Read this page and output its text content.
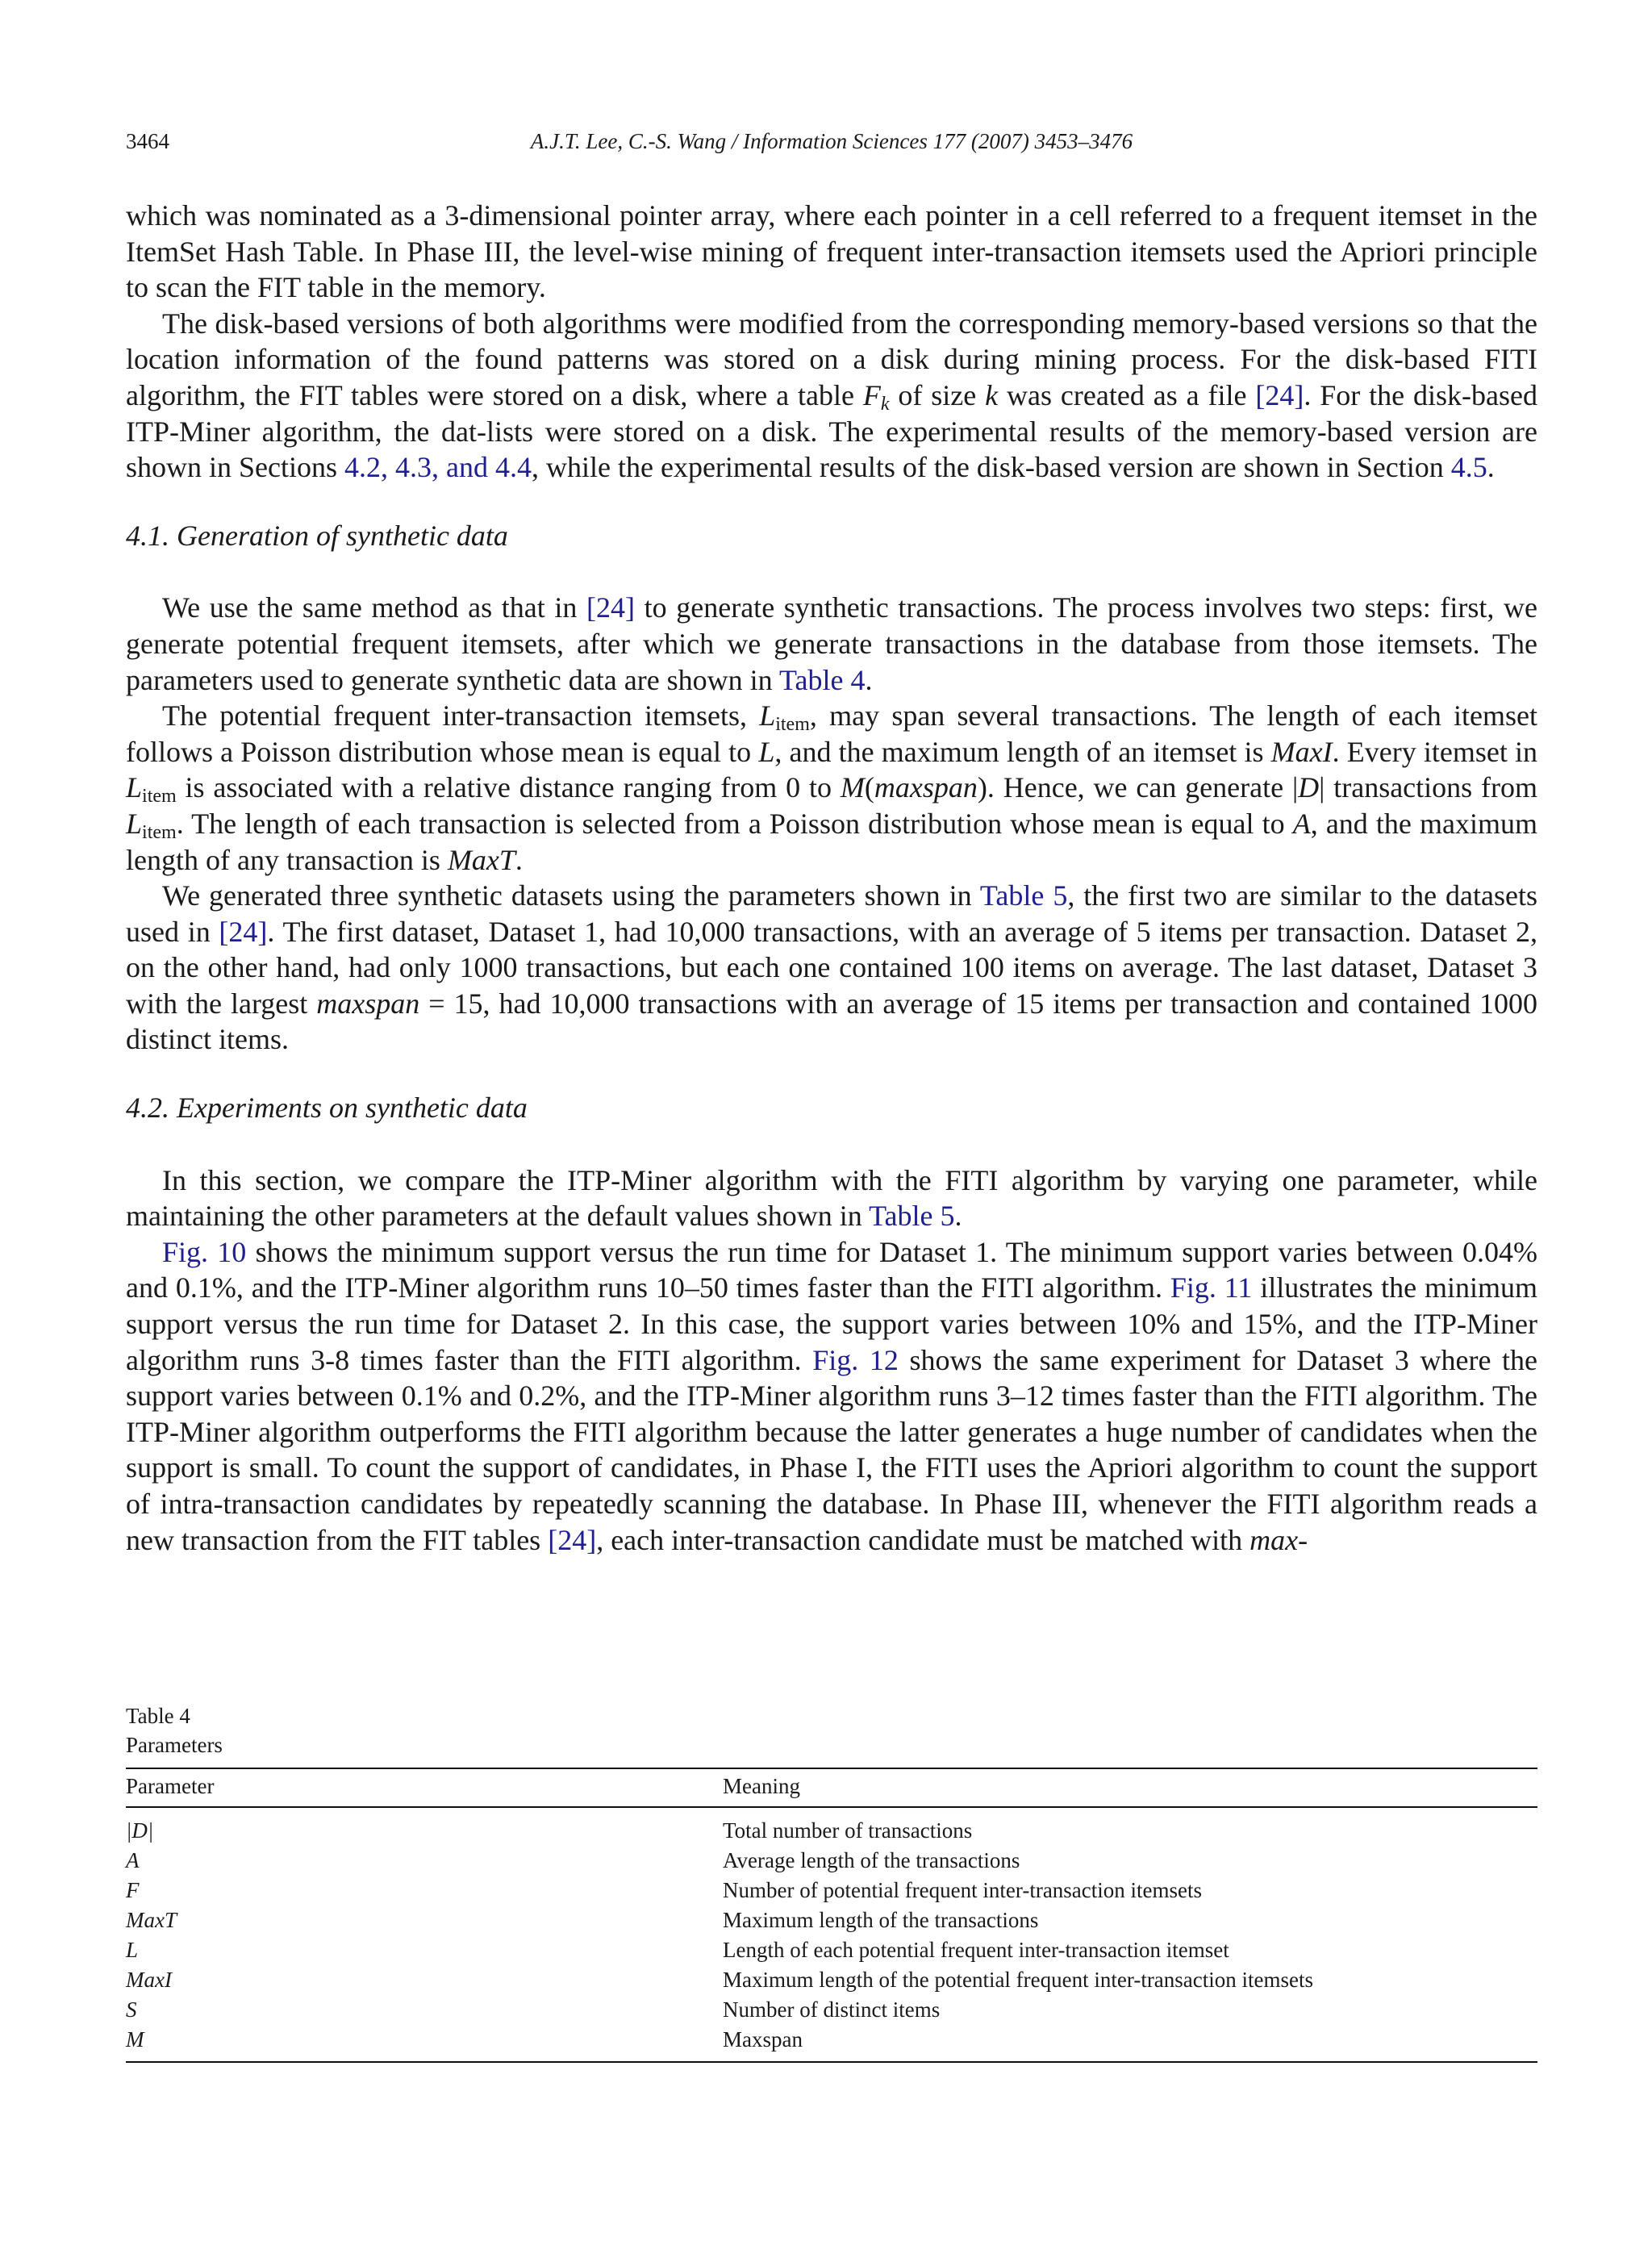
3464	A.J.T. Lee, C.-S. Wang / Information Sciences 177 (2007) 3453–3476

which was nominated as a 3-dimensional pointer array, where each pointer in a cell referred to a frequent itemset in the ItemSet Hash Table. In Phase III, the level-wise mining of frequent inter-transaction itemsets used the Apriori principle to scan the FIT table in the memory.

The disk-based versions of both algorithms were modified from the corresponding memory-based versions so that the location information of the found patterns was stored on a disk during mining process. For the disk-based FITI algorithm, the FIT tables were stored on a disk, where a table $F_k$ of size k was created as a file [24]. For the disk-based ITP-Miner algorithm, the dat-lists were stored on a disk. The experimental results of the memory-based version are shown in Sections 4.2, 4.3, and 4.4, while the experimental results of the disk-based version are shown in Section 4.5.

4.1. Generation of synthetic data

We use the same method as that in [24] to generate synthetic transactions. The process involves two steps: first, we generate potential frequent itemsets, after which we generate transactions in the database from those itemsets. The parameters used to generate synthetic data are shown in Table 4.

The potential frequent inter-transaction itemsets, $L_{item}$, may span several transactions. The length of each itemset follows a Poisson distribution whose mean is equal to L, and the maximum length of an itemset is MaxI. Every itemset in $L_{item}$ is associated with a relative distance ranging from 0 to M(maxspan). Hence, we can generate |D| transactions from $L_{item}$. The length of each transaction is selected from a Poisson distribution whose mean is equal to A, and the maximum length of any transaction is MaxT.

We generated three synthetic datasets using the parameters shown in Table 5, the first two are similar to the datasets used in [24]. The first dataset, Dataset 1, had 10,000 transactions, with an average of 5 items per transaction. Dataset 2, on the other hand, had only 1000 transactions, but each one contained 100 items on average. The last dataset, Dataset 3 with the largest maxspan = 15, had 10,000 transactions with an average of 15 items per transaction and contained 1000 distinct items.

4.2. Experiments on synthetic data

In this section, we compare the ITP-Miner algorithm with the FITI algorithm by varying one parameter, while maintaining the other parameters at the default values shown in Table 5.

Fig. 10 shows the minimum support versus the run time for Dataset 1. The minimum support varies between 0.04% and 0.1%, and the ITP-Miner algorithm runs 10–50 times faster than the FITI algorithm. Fig. 11 illustrates the minimum support versus the run time for Dataset 2. In this case, the support varies between 10% and 15%, and the ITP-Miner algorithm runs 3-8 times faster than the FITI algorithm. Fig. 12 shows the same experiment for Dataset 3 where the support varies between 0.1% and 0.2%, and the ITP-Miner algorithm runs 3–12 times faster than the FITI algorithm. The ITP-Miner algorithm outperforms the FITI algorithm because the latter generates a huge number of candidates when the support is small. To count the support of candidates, in Phase I, the FITI uses the Apriori algorithm to count the support of intra-transaction candidates by repeatedly scanning the database. In Phase III, whenever the FITI algorithm reads a new transaction from the FIT tables [24], each inter-transaction candidate must be matched with max-

Table 4
Parameters
Parameter	Meaning
|D|	Total number of transactions
A	Average length of the transactions
F	Number of potential frequent inter-transaction itemsets
MaxT	Maximum length of the transactions
L	Length of each potential frequent inter-transaction itemset
MaxI	Maximum length of the potential frequent inter-transaction itemsets
S	Number of distinct items
M	Maxspan
